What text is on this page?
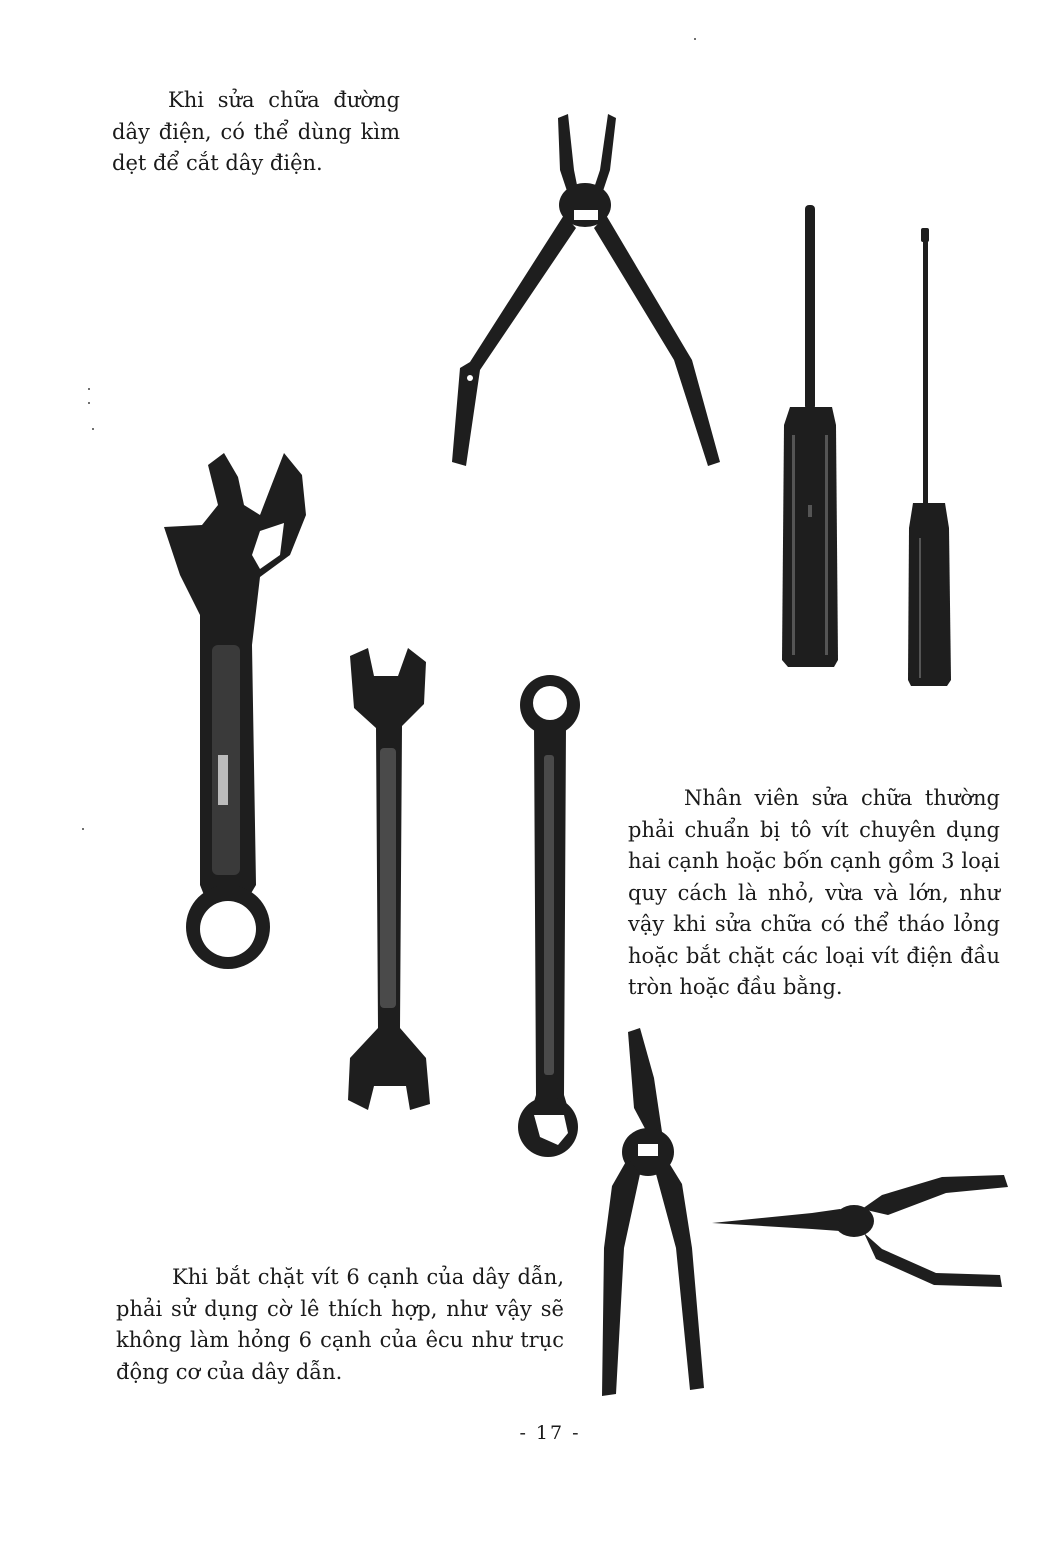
Khi sửa chữa đường dây điện, có thể dùng kìm dẹt để cắt dây điện.

Nhân viên sửa chữa thường phải chuẩn bị tô vít chuyên dụng hai cạnh hoặc bốn cạnh gồm 3 loại quy cách là nhỏ, vừa và lớn, như vậy khi sửa chữa có thể tháo lỏng hoặc bắt chặt các loại vít điện đầu tròn hoặc đầu bằng.

Khi bắt chặt vít 6 cạnh của dây dẫn, phải sử dụng cờ lê thích hợp, như vậy sẽ không làm hỏng 6 cạnh của êcu như trục động cơ của dây dẫn.

- 17 -
